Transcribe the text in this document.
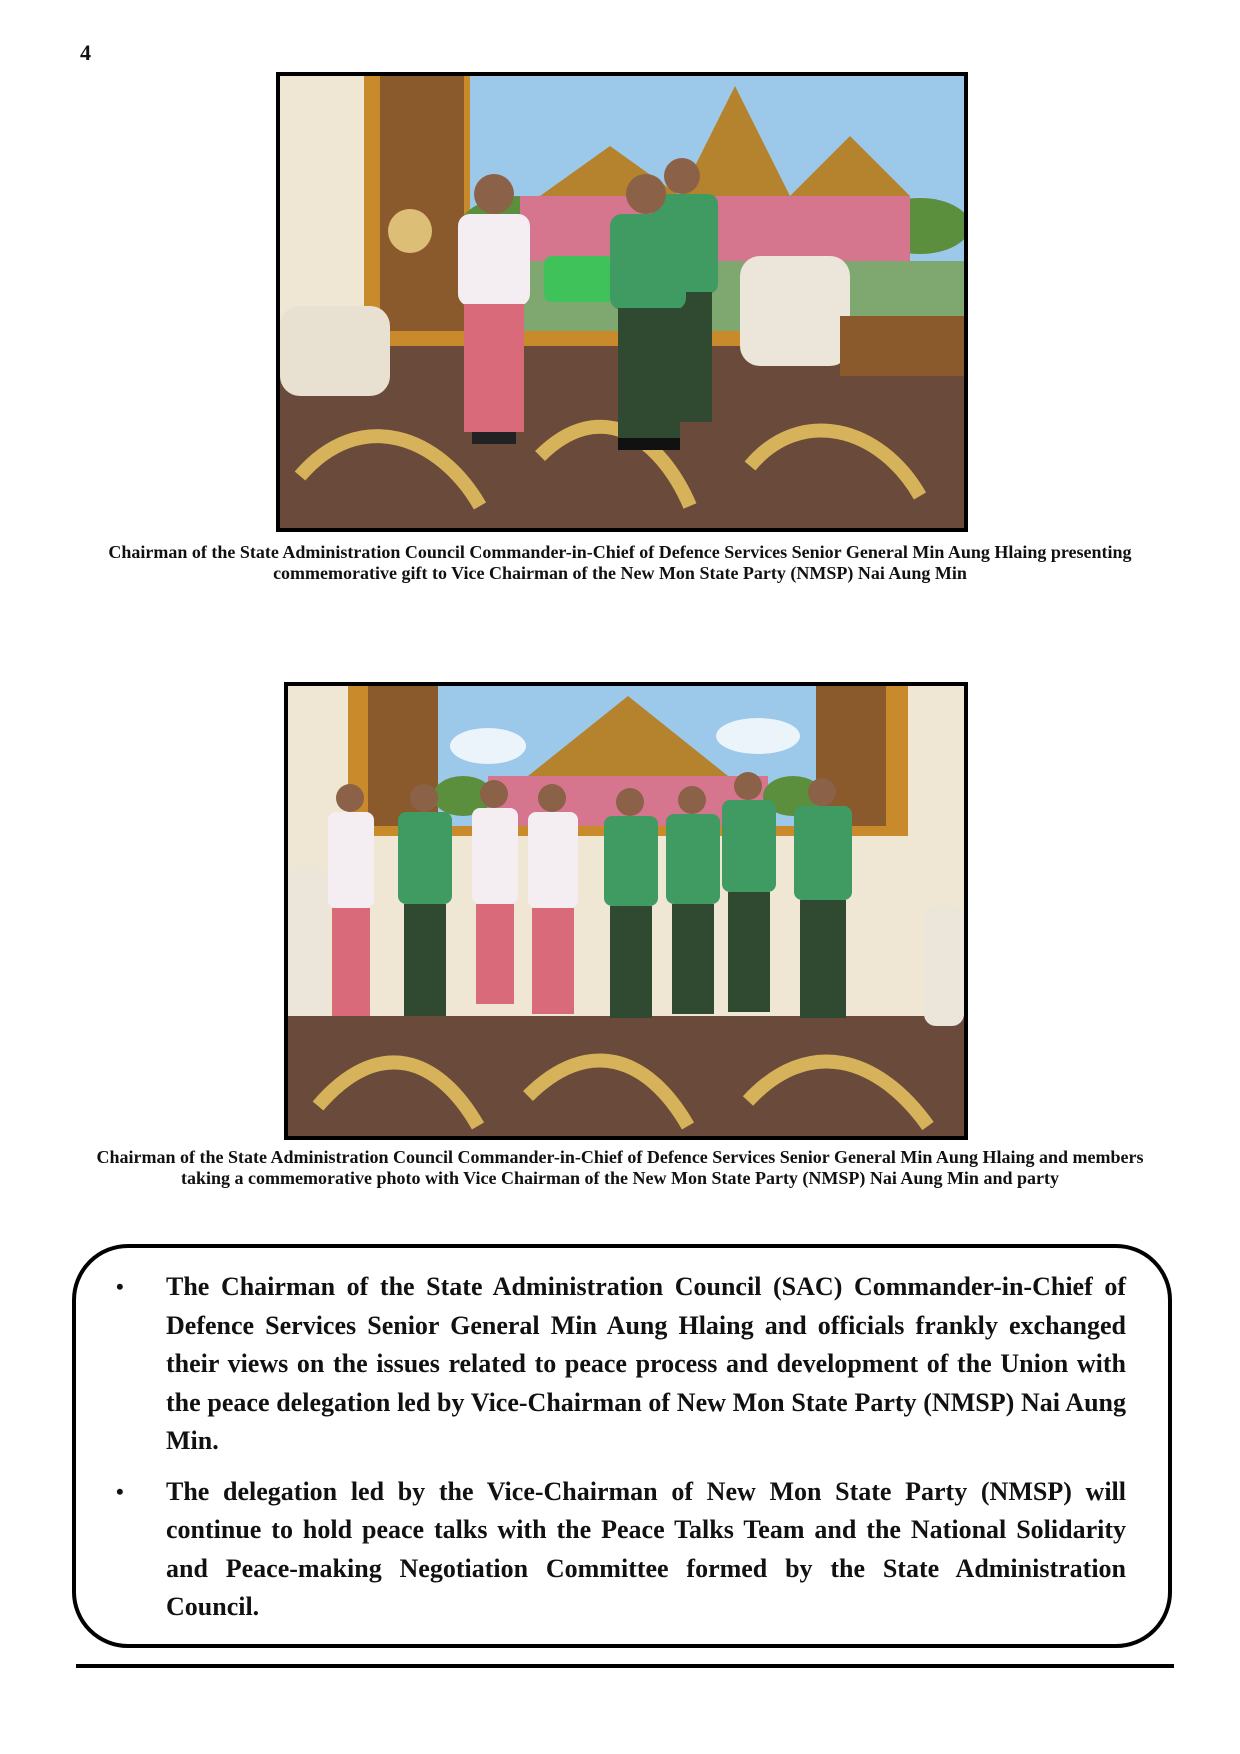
4
Chairman of the State Administration Council Commander-in-Chief of Defence Services Senior General Min Aung Hlaing presenting commemorative gift to Vice Chairman of the New Mon State Party (NMSP) Nai Aung Min
Chairman of the State Administration Council Commander-in-Chief of Defence Services Senior General Min Aung Hlaing and members taking a commemorative photo with Vice Chairman of the New Mon State Party (NMSP) Nai Aung Min and party
• The Chairman of the State Administration Council (SAC) Commander-in-Chief of Defence Services Senior General Min Aung Hlaing and officials frankly exchanged their views on the issues related to peace process and development of the Union with the peace delegation led by Vice-Chairman of New Mon State Party (NMSP) Nai Aung Min.
• The delegation led by the Vice-Chairman of New Mon State Party (NMSP) will continue to hold peace talks with the Peace Talks Team and the National Solidarity and Peace-making Negotiation Committee formed by the State Administration Council.
